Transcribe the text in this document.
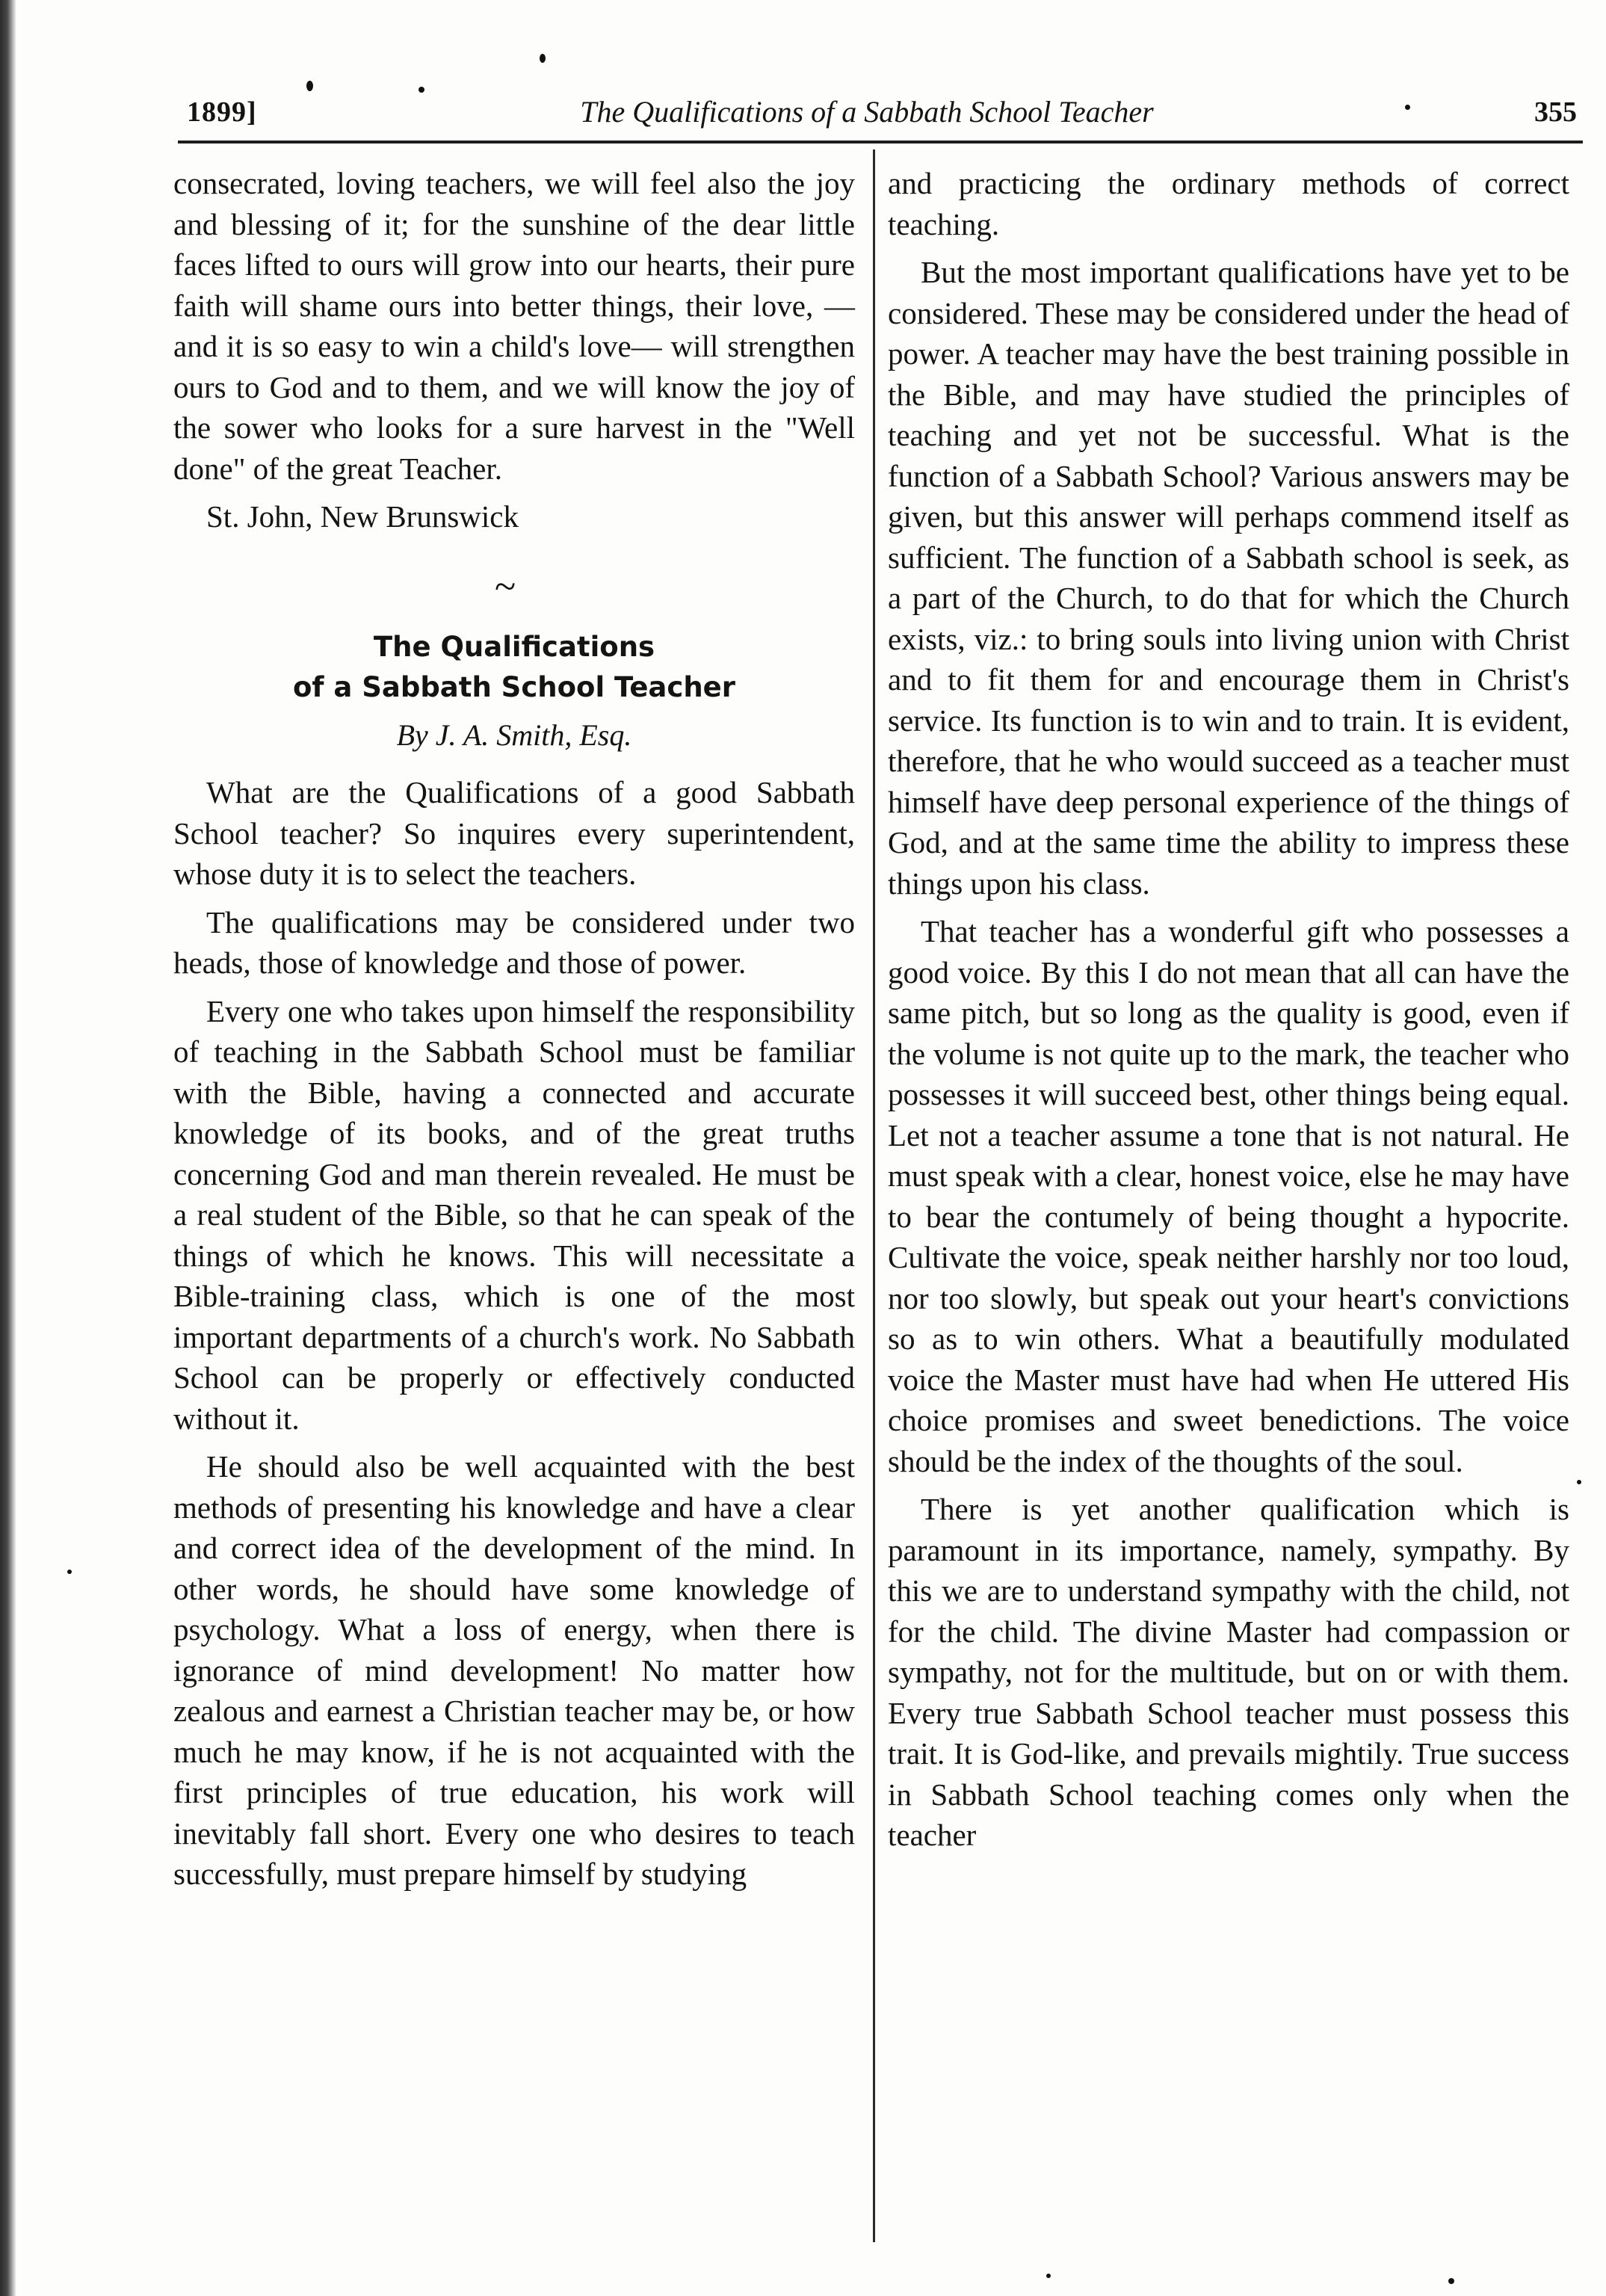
1899]	The Qualifications of a Sabbath School Teacher	355

consecrated, loving teachers, we will feel also the joy and blessing of it; for the sunshine of the dear little faces lifted to ours will grow into our hearts, their pure faith will shame ours into better things, their love, —and it is so easy to win a child's love— will strengthen ours to God and to them, and we will know the joy of the sower who looks for a sure harvest in the "Well done" of the great Teacher.

St. John, New Brunswick
~
The Qualifications
of a Sabbath School Teacher
By J. A. Smith, Esq.

What are the Qualifications of a good Sabbath School teacher? So inquires every superintendent, whose duty it is to select the teachers.

The qualifications may be considered under two heads, those of knowledge and those of power.

Every one who takes upon himself the responsibility of teaching in the Sabbath School must be familiar with the Bible, having a connected and accurate knowledge of its books, and of the great truths concerning God and man therein revealed. He must be a real student of the Bible, so that he can speak of the things of which he knows. This will necessitate a Bible-training class, which is one of the most important departments of a church's work. No Sabbath School can be properly or effectively conducted without it.

He should also be well acquainted with the best methods of presenting his knowledge and have a clear and correct idea of the development of the mind. In other words, he should have some knowledge of psychology. What a loss of energy, when there is ignorance of mind development! No matter how zealous and earnest a Christian teacher may be, or how much he may know, if he is not acquainted with the first principles of true education, his work will inevitably fall short. Every one who desires to teach successfully, must prepare himself by studying

and practicing the ordinary methods of correct teaching.

But the most important qualifications have yet to be considered. These may be considered under the head of power. A teacher may have the best training possible in the Bible, and may have studied the principles of teaching and yet not be successful. What is the function of a Sabbath School? Various answers may be given, but this answer will perhaps commend itself as sufficient. The function of a Sabbath school is seek, as a part of the Church, to do that for which the Church exists, viz.: to bring souls into living union with Christ and to fit them for and encourage them in Christ's service. Its function is to win and to train. It is evident, therefore, that he who would succeed as a teacher must himself have deep personal experience of the things of God, and at the same time the ability to impress these things upon his class.

That teacher has a wonderful gift who possesses a good voice. By this I do not mean that all can have the same pitch, but so long as the quality is good, even if the volume is not quite up to the mark, the teacher who possesses it will succeed best, other things being equal. Let not a teacher assume a tone that is not natural. He must speak with a clear, honest voice, else he may have to bear the contumely of being thought a hypocrite. Cultivate the voice, speak neither harshly nor too loud, nor too slowly, but speak out your heart's convictions so as to win others. What a beautifully modulated voice the Master must have had when He uttered His choice promises and sweet benedictions. The voice should be the index of the thoughts of the soul.

There is yet another qualification which is paramount in its importance, namely, sympathy. By this we are to understand sympathy with the child, not for the child. The divine Master had compassion or sympathy, not for the multitude, but on or with them. Every true Sabbath School teacher must possess this trait. It is God-like, and prevails mightily. True success in Sabbath School teaching comes only when the teacher
